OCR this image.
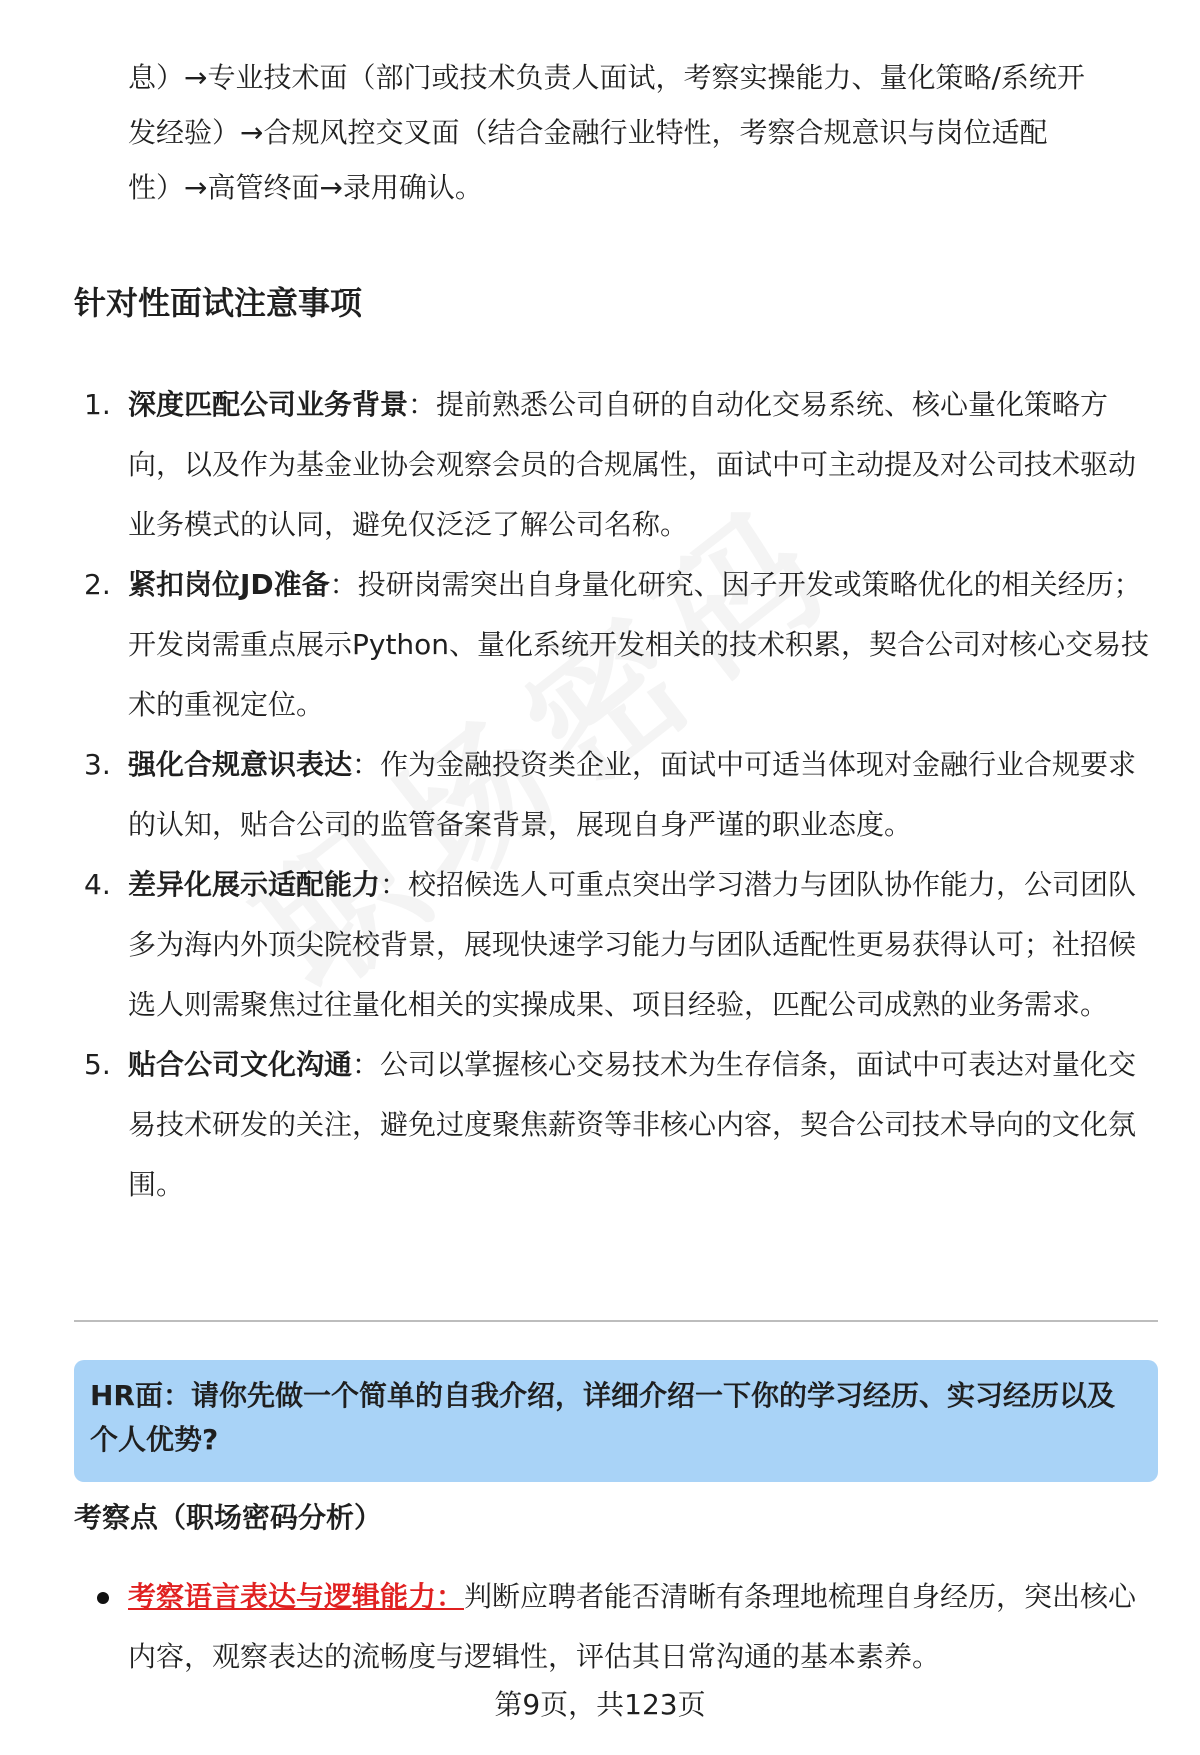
息）→专业技术面（部门或技术负责人面试，考察实操能力、量化策略/系统开

发经验）→合规风控交叉面（结合金融行业特性，考察合规意识与岗位适配

性）→高管终面→录用确认。

针对性面试注意事项
1. 深度匹配公司业务背景：提前熟悉公司自研的自动化交易系统、核心量化策略方向，以及作为基金业协会观察会员的合规属性，面试中可主动提及对公司技术驱动业务模式的认同，避免仅泛泛了解公司名称。
2. 紧扣岗位JD准备：投研岗需突出自身量化研究、因子开发或策略优化的相关经历；开发岗需重点展示Python、量化系统开发相关的技术积累，契合公司对核心交易技术的重视定位。
3. 强化合规意识表达：作为金融投资类企业，面试中可适当体现对金融行业合规要求的认知，贴合公司的监管备案背景，展现自身严谨的职业态度。
4. 差异化展示适配能力：校招候选人可重点突出学习潜力与团队协作能力，公司团队多为海内外顶尖院校背景，展现快速学习能力与团队适配性更易获得认可；社招候选人则需聚焦过往量化相关的实操成果、项目经验，匹配公司成熟的业务需求。
5. 贴合公司文化沟通：公司以掌握核心交易技术为生存信条，面试中可表达对量化交易技术研发的关注，避免过度聚焦薪资等非核心内容，契合公司技术导向的文化氛围。

HR面：请你先做一个简单的自我介绍，详细介绍一下你的学习经历、实习经历以及个人优势?

考察点（职场密码分析）

考察语言表达与逻辑能力：判断应聘者能否清晰有条理地梳理自身经历，突出核心内容，观察表达的流畅度与逻辑性，评估其日常沟通的基本素养。

第9页，共123页
